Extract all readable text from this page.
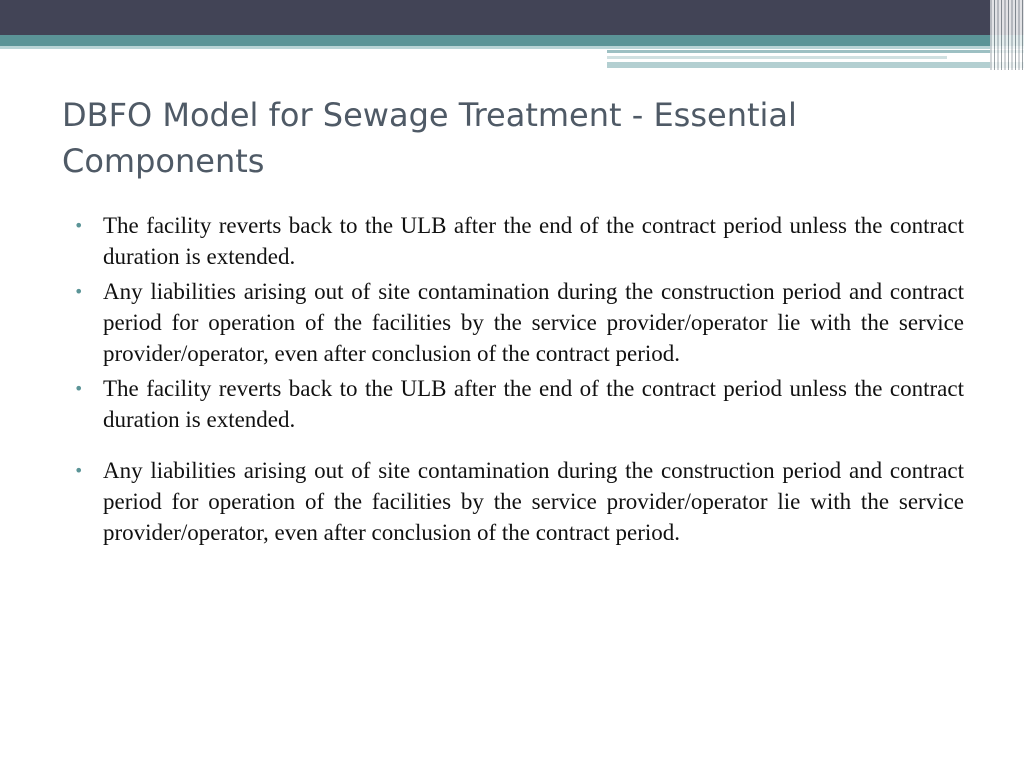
DBFO Model for Sewage Treatment - Essential Components
• The facility reverts back to the ULB after the end of the contract period unless the contract duration is extended.
• Any liabilities arising out of site contamination during the construction period and contract period for operation of the facilities by the service provider/operator lie with the service provider/operator, even after conclusion of the contract period.
• The facility reverts back to the ULB after the end of the contract period unless the contract duration is extended.
• Any liabilities arising out of site contamination during the construction period and contract period for operation of the facilities by the service provider/operator lie with the service provider/operator, even after conclusion of the contract period.
